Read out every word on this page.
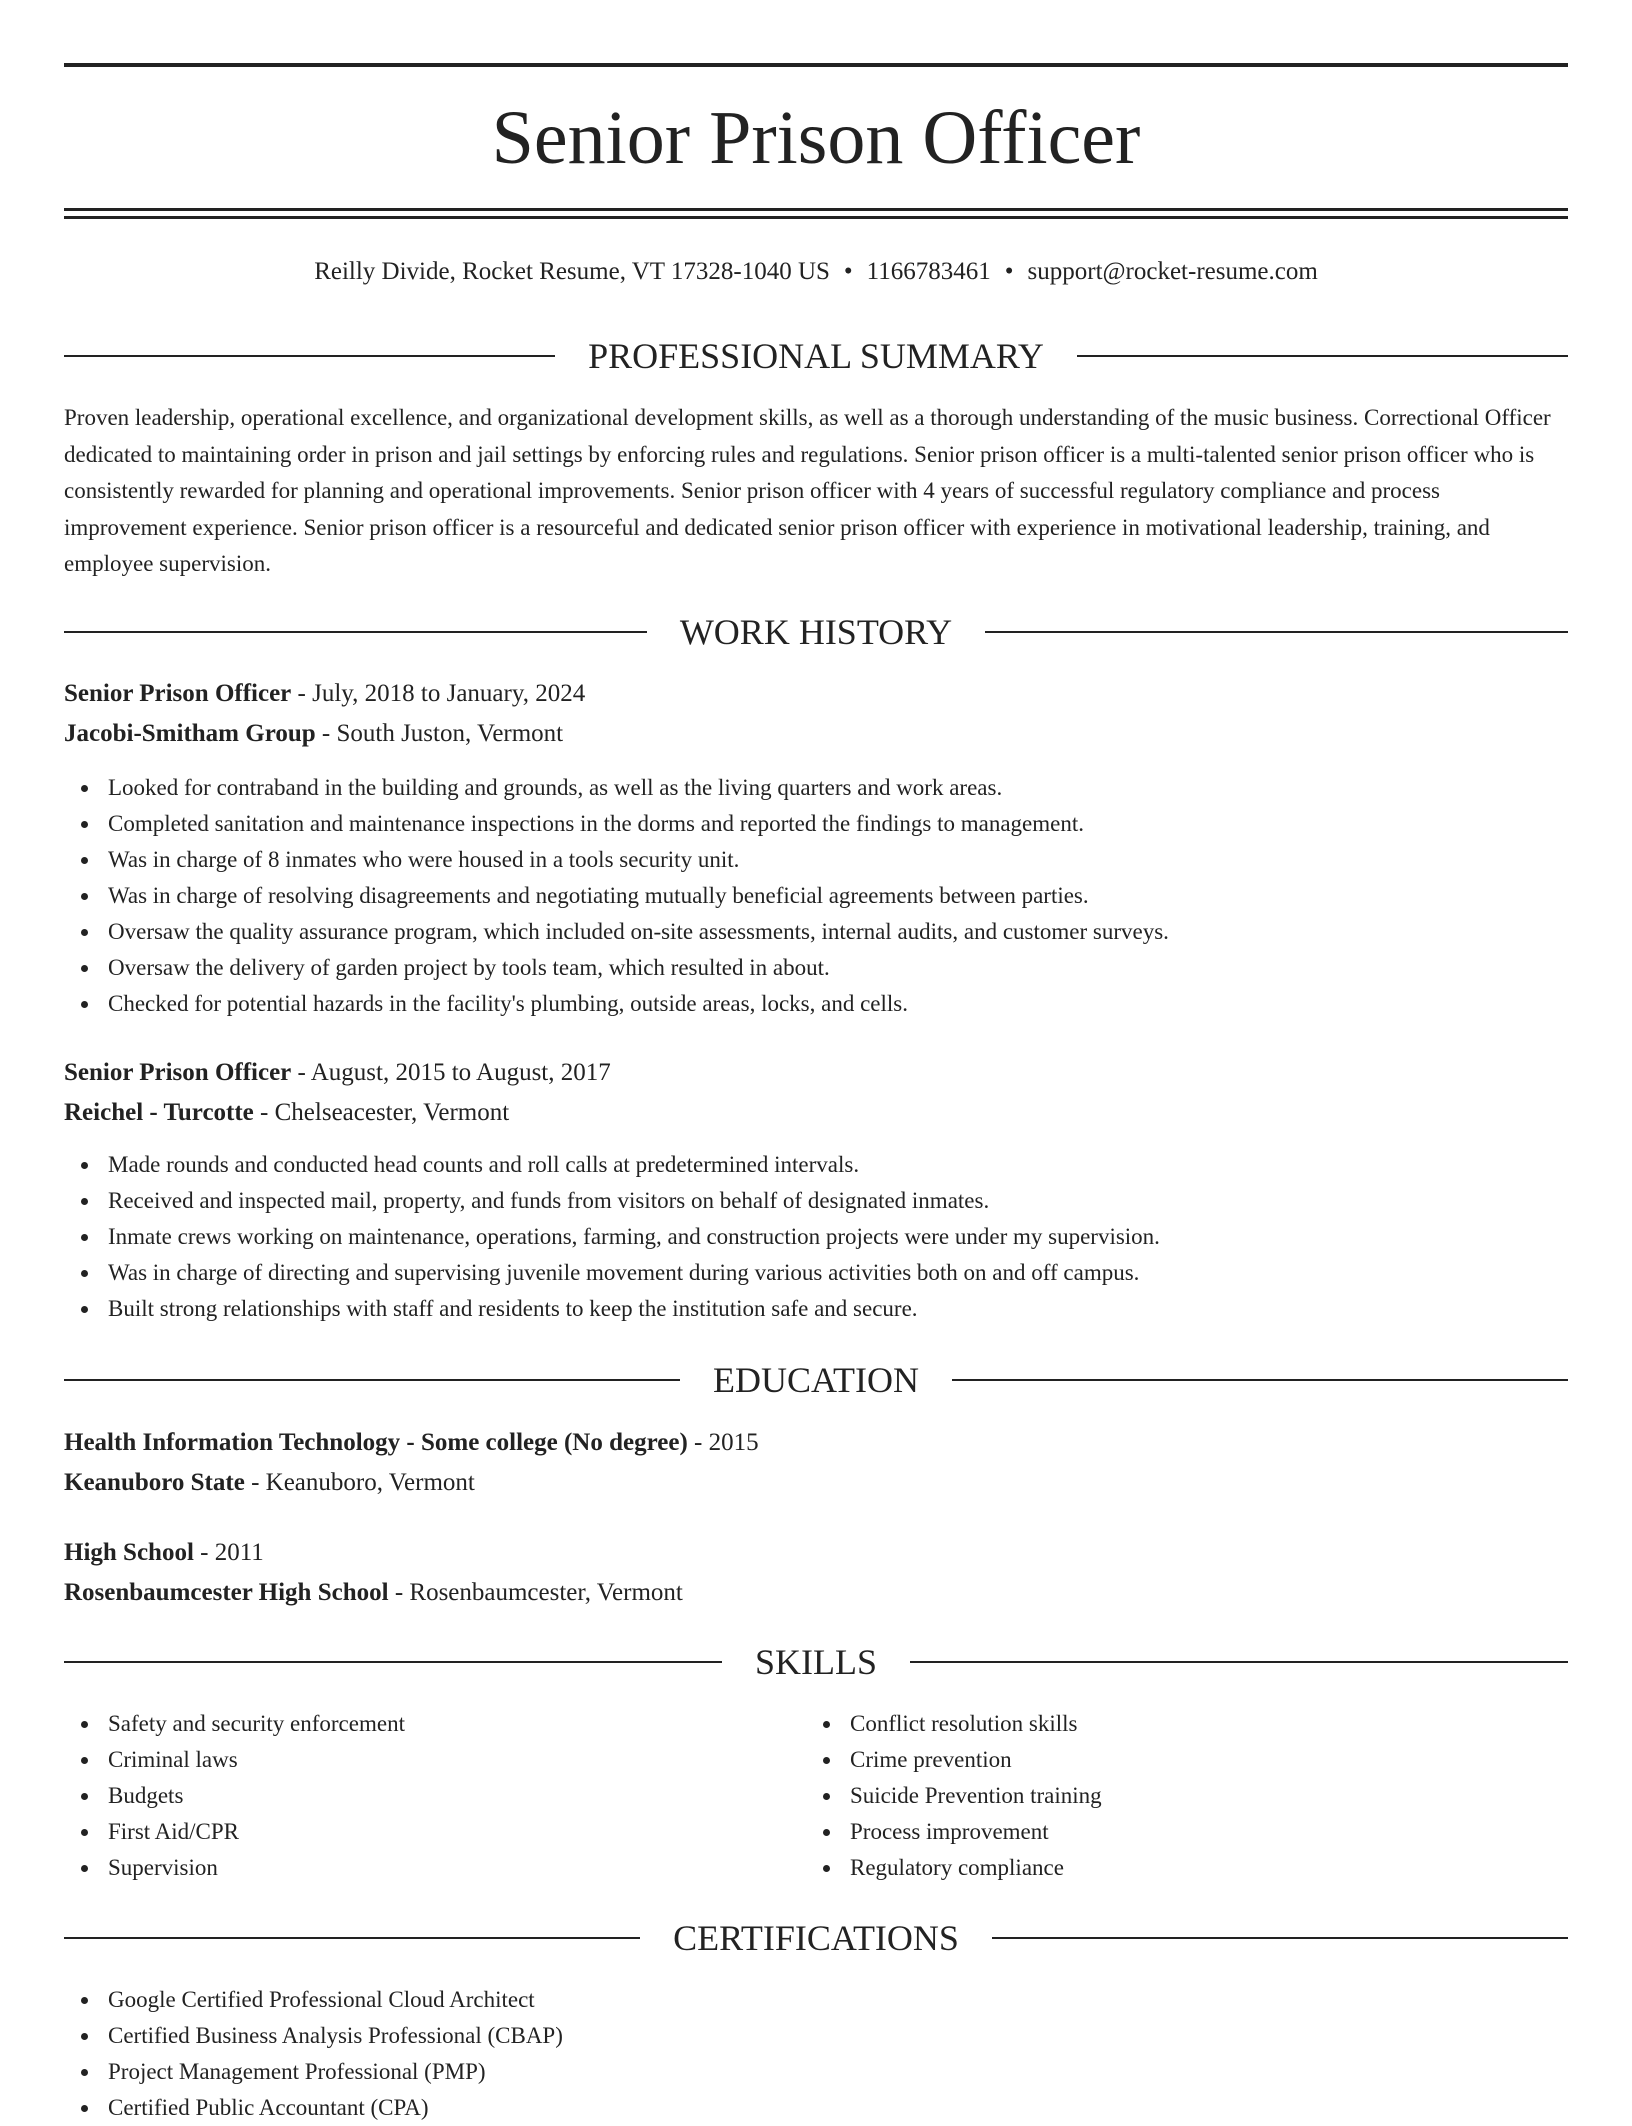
Senior Prison Officer
Reilly Divide, Rocket Resume, VT 17328-1040 US • 1166783461 • support@rocket-resume.com
PROFESSIONAL SUMMARY

Proven leadership, operational excellence, and organizational development skills, as well as a thorough understanding of the music business. Correctional Officer dedicated to maintaining order in prison and jail settings by enforcing rules and regulations. Senior prison officer is a multi-talented senior prison officer who is consistently rewarded for planning and operational improvements. Senior prison officer with 4 years of successful regulatory compliance and process improvement experience. Senior prison officer is a resourceful and dedicated senior prison officer with experience in motivational leadership, training, and employee supervision.

WORK HISTORY
Senior Prison Officer - July, 2018 to January, 2024
Jacobi-Smitham Group - South Juston, Vermont
Looked for contraband in the building and grounds, as well as the living quarters and work areas.
Completed sanitation and maintenance inspections in the dorms and reported the findings to management.
Was in charge of 8 inmates who were housed in a tools security unit.
Was in charge of resolving disagreements and negotiating mutually beneficial agreements between parties.
Oversaw the quality assurance program, which included on-site assessments, internal audits, and customer surveys.
Oversaw the delivery of garden project by tools team, which resulted in about.
Checked for potential hazards in the facility's plumbing, outside areas, locks, and cells.
Senior Prison Officer - August, 2015 to August, 2017
Reichel - Turcotte - Chelseacester, Vermont
Made rounds and conducted head counts and roll calls at predetermined intervals.
Received and inspected mail, property, and funds from visitors on behalf of designated inmates.
Inmate crews working on maintenance, operations, farming, and construction projects were under my supervision.
Was in charge of directing and supervising juvenile movement during various activities both on and off campus.
Built strong relationships with staff and residents to keep the institution safe and secure.
EDUCATION
Health Information Technology - Some college (No degree) - 2015
Keanuboro State - Keanuboro, Vermont
High School - 2011
Rosenbaumcester High School - Rosenbaumcester, Vermont
SKILLS
Safety and security enforcement
Criminal laws
Budgets
First Aid/CPR
Supervision
Conflict resolution skills
Crime prevention
Suicide Prevention training
Process improvement
Regulatory compliance
CERTIFICATIONS
Google Certified Professional Cloud Architect
Certified Business Analysis Professional (CBAP)
Project Management Professional (PMP)
Certified Public Accountant (CPA)
